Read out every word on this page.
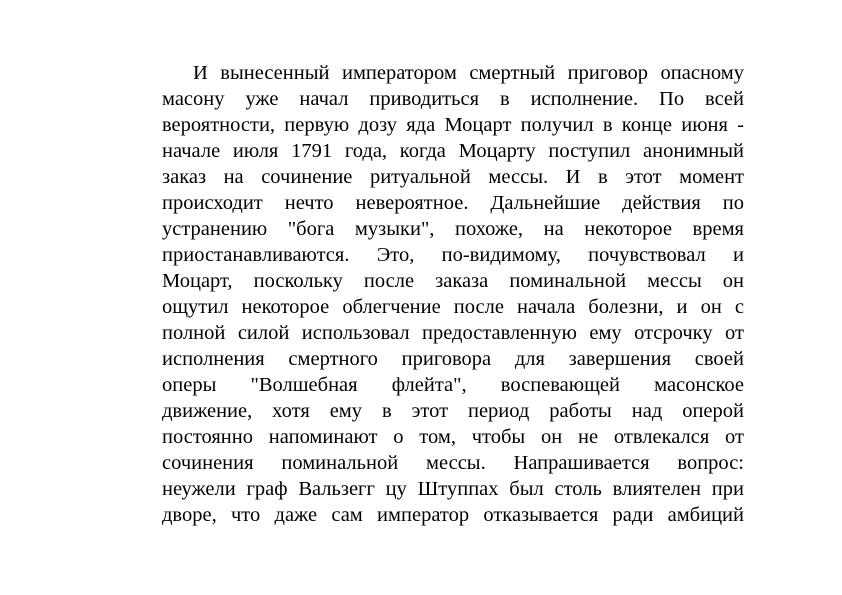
И вынесенный императором смертный приговор опасному
масону уже начал приводиться в исполнение. По всей
вероятности, первую дозу яда Моцарт получил в конце июня -
начале июля 1791 года, когда Моцарту поступил анонимный
заказ на сочинение ритуальной мессы. И в этот момент
происходит нечто невероятное. Дальнейшие действия по
устранению "бога музыки", похоже, на некоторое время
приостанавливаются. Это, по-видимому, почувствовал и
Моцарт, поскольку после заказа поминальной мессы он
ощутил некоторое облегчение после начала болезни, и он с
полной силой использовал предоставленную ему отсрочку от
исполнения смертного приговора для завершения своей
оперы "Волшебная флейта", воспевающей масонское
движение, хотя ему в этот период работы над оперой
постоянно напоминают о том, чтобы он не отвлекался от
сочинения поминальной мессы. Напрашивается вопрос:
неужели граф Вальзегг цу Штуппах был столь влиятелен при
дворе, что даже сам император отказывается ради амбиций
